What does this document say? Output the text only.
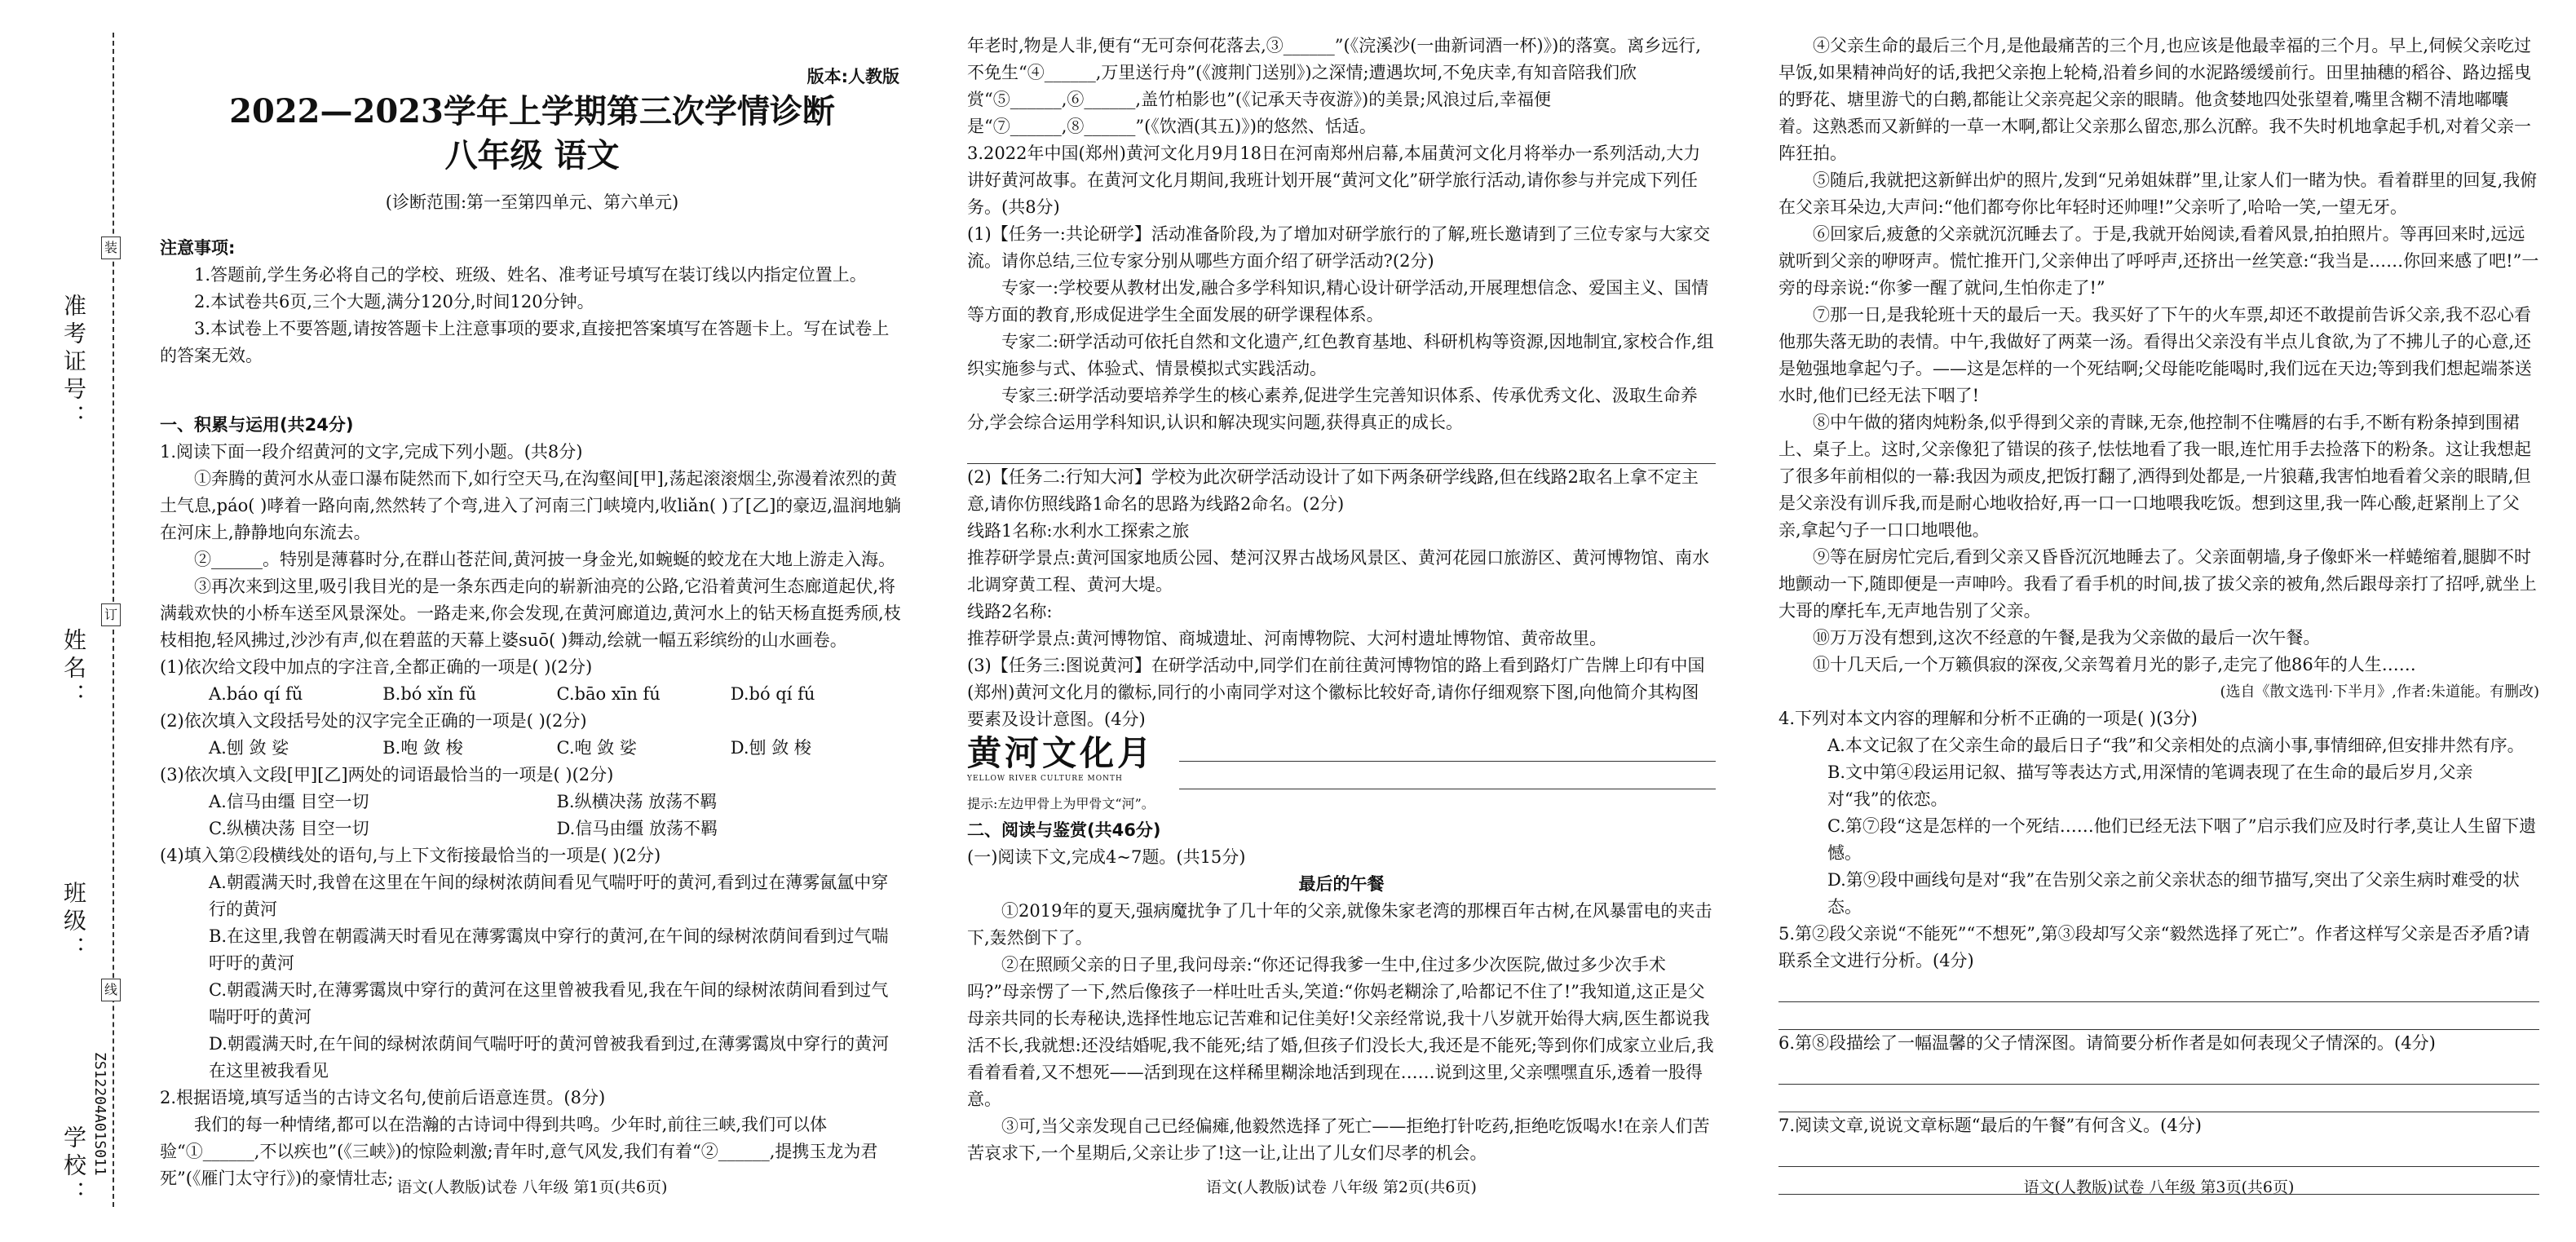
准考证号：
姓名：
班级：
学校：
装
订
线
ZS12204A01S011
版本:人教版
2022—2023学年上学期第三次学情诊断
八年级 语文
(诊断范围:第一至第四单元、第六单元)

注意事项:

1.答题前,学生务必将自己的学校、班级、姓名、准考证号填写在装订线以内指定位置上。

2.本试卷共6页,三个大题,满分120分,时间120分钟。

3.本试卷上不要答题,请按答题卡上注意事项的要求,直接把答案填写在答题卡上。写在试卷上的答案无效。

一、积累与运用(共24分)

1.阅读下面一段介绍黄河的文字,完成下列小题。(共8分)

①奔腾的黄河水从壶口瀑布陡然而下,如行空天马,在沟壑间[甲],荡起滚滚烟尘,弥漫着浓烈的黄土气息,páo( )哮着一路向南,然然转了个弯,进入了河南三门峡境内,收liǎn( )了[乙]的豪迈,温润地躺在河床上,静静地向东流去。

②______。特别是薄暮时分,在群山苍茫间,黄河披一身金光,如蜿蜒的蛟龙在大地上游走入海。

③再次来到这里,吸引我目光的是一条东西走向的崭新油亮的公路,它沿着黄河生态廊道起伏,将满载欢快的小桥车送至风景深处。一路走来,你会发现,在黄河廊道边,黄河水上的钻天杨直挺秀颀,枝枝相抱,轻风拂过,沙沙有声,似在碧蓝的天幕上婆suō( )舞动,绘就一幅五彩缤纷的山水画卷。

(1)依次给文段中加点的字注音,全都正确的一项是( )(2分)

A.báo qí fǔ	B.bó xǐn fǔ	C.bāo xīn fú	D.bó qí fú

(2)依次填入文段括号处的汉字完全正确的一项是( )(2分)

A.刨 敛 娑	B.咆 敛 梭	C.咆 敛 娑	D.刨 敛 梭

(3)依次填入文段[甲][乙]两处的词语最恰当的一项是( )(2分)

A.信马由缰 目空一切	B.纵横决荡 放荡不羁
C.纵横决荡 目空一切	D.信马由缰 放荡不羁

(4)填入第②段横线处的语句,与上下文衔接最恰当的一项是( )(2分)

A.朝霞满天时,我曾在这里在午间的绿树浓荫间看见气喘吁吁的黄河,看到过在薄雾氤氲中穿行的黄河

B.在这里,我曾在朝霞满天时看见在薄雾霭岚中穿行的黄河,在午间的绿树浓荫间看到过气喘吁吁的黄河

C.朝霞满天时,在薄雾霭岚中穿行的黄河在这里曾被我看见,我在午间的绿树浓荫间看到过气喘吁吁的黄河

D.朝霞满天时,在午间的绿树浓荫间气喘吁吁的黄河曾被我看到过,在薄雾霭岚中穿行的黄河在这里被我看见

2.根据语境,填写适当的古诗文名句,使前后语意连贯。(8分)

我们的每一种情绪,都可以在浩瀚的古诗词中得到共鸣。少年时,前往三峡,我们可以体验“①______,不以疾也”(《三峡》)的惊险刺激;青年时,意气风发,我们有着“②______,提携玉龙为君死”(《雁门太守行》)的豪情壮志; 语文(人教版)试卷 八年级 第1页(共6页)

年老时,物是人非,便有“无可奈何花落去,③______”(《浣溪沙(一曲新词酒一杯)》)的落寞。离乡远行,不免生“④______,万里送行舟”(《渡荆门送别》)之深情;遭遇坎坷,不免庆幸,有知音陪我们欣赏“⑤______,⑥______,盖竹柏影也”(《记承天寺夜游》)的美景;风浪过后,幸福便是“⑦______,⑧______”(《饮酒(其五)》)的悠然、恬适。

3.2022年中国(郑州)黄河文化月9月18日在河南郑州启幕,本届黄河文化月将举办一系列活动,大力讲好黄河故事。在黄河文化月期间,我班计划开展“黄河文化”研学旅行活动,请你参与并完成下列任务。(共8分)

(1)【任务一:共论研学】活动准备阶段,为了增加对研学旅行的了解,班长邀请到了三位专家与大家交流。请你总结,三位专家分别从哪些方面介绍了研学活动?(2分)

专家一:学校要从教材出发,融合多学科知识,精心设计研学活动,开展理想信念、爱国主义、国情等方面的教育,形成促进学生全面发展的研学课程体系。

专家二:研学活动可依托自然和文化遗产,红色教育基地、科研机构等资源,因地制宜,家校合作,组织实施参与式、体验式、情景模拟式实践活动。

专家三:研学活动要培养学生的核心素养,促进学生完善知识体系、传承优秀文化、汲取生命养分,学会综合运用学科知识,认识和解决现实问题,获得真正的成长。

(2)【任务二:行知大河】学校为此次研学活动设计了如下两条研学线路,但在线路2取名上拿不定主意,请你仿照线路1命名的思路为线路2命名。(2分)

线路1名称:水利水工探索之旅

推荐研学景点:黄河国家地质公园、楚河汉界古战场风景区、黄河花园口旅游区、黄河博物馆、南水北调穿黄工程、黄河大堤。

线路2名称:

推荐研学景点:黄河博物馆、商城遗址、河南博物院、大河村遗址博物馆、黄帝故里。

(3)【任务三:图说黄河】在研学活动中,同学们在前往黄河博物馆的路上看到路灯广告牌上印有中国(郑州)黄河文化月的徽标,同行的小南同学对这个徽标比较好奇,请你仔细观察下图,向他简介其构图要素及设计意图。(4分)

黄河文化月
YELLOW RIVER CULTURE MONTH

提示:左边甲骨上为甲骨文“河”。

二、阅读与鉴赏(共46分)

(一)阅读下文,完成4~7题。(共15分)

最后的午餐

①2019年的夏天,强病魔扰争了几十年的父亲,就像朱家老湾的那棵百年古树,在风暴雷电的夹击下,轰然倒下了。

②在照顾父亲的日子里,我问母亲:“你还记得我爹一生中,住过多少次医院,做过多少次手术吗?”母亲愣了一下,然后像孩子一样吐吐舌头,笑道:“你妈老糊涂了,哈都记不住了!”我知道,这正是父母亲共同的长寿秘诀,选择性地忘记苦难和记住美好!父亲经常说,我十八岁就开始得大病,医生都说我活不长,我就想:还没结婚呢,我不能死;结了婚,但孩子们没长大,我还是不能死;等到你们成家立业后,我看着看着,又不想死——活到现在这样稀里糊涂地活到现在……说到这里,父亲嘿嘿直乐,透着一股得意。

③可,当父亲发现自己已经偏瘫,他毅然选择了死亡——拒绝打针吃药,拒绝吃饭喝水!在亲人们苦苦哀求下,一个星期后,父亲让步了!这一让,让出了儿女们尽孝的机会。

语文(人教版)试卷 八年级 第2页(共6页)

④父亲生命的最后三个月,是他最痛苦的三个月,也应该是他最幸福的三个月。早上,伺候父亲吃过早饭,如果精神尚好的话,我把父亲抱上轮椅,沿着乡间的水泥路缓缓前行。田里抽穗的稻谷、路边摇曳的野花、塘里游弋的白鹅,都能让父亲亮起父亲的眼睛。他贪婪地四处张望着,嘴里含糊不清地嘟囔着。这熟悉而又新鲜的一草一木啊,都让父亲那么留恋,那么沉醉。我不失时机地拿起手机,对着父亲一阵狂拍。

⑤随后,我就把这新鲜出炉的照片,发到“兄弟姐妹群”里,让家人们一睹为快。看着群里的回复,我俯在父亲耳朵边,大声问:“他们都夸你比年轻时还帅哩!”父亲听了,哈哈一笑,一望无牙。

⑥回家后,疲惫的父亲就沉沉睡去了。于是,我就开始阅读,看着风景,拍拍照片。等再回来时,远远就听到父亲的咿呀声。慌忙推开门,父亲伸出了呼呼声,还挤出一丝笑意:“我当是……你回来感了吧!”一旁的母亲说:“你爹一醒了就问,生怕你走了!”

⑦那一日,是我轮班十天的最后一天。我买好了下午的火车票,却还不敢提前告诉父亲,我不忍心看他那失落无助的表情。中午,我做好了两菜一汤。看得出父亲没有半点儿食欲,为了不拂儿子的心意,还是勉强地拿起勺子。——这是怎样的一个死结啊;父母能吃能喝时,我们远在天边;等到我们想起端茶送水时,他们已经无法下咽了!

⑧中午做的猪肉炖粉条,似乎得到父亲的青睐,无奈,他控制不住嘴唇的右手,不断有粉条掉到围裙上、桌子上。这时,父亲像犯了错误的孩子,怯怯地看了我一眼,连忙用手去捡落下的粉条。这让我想起了很多年前相似的一幕:我因为顽皮,把饭打翻了,洒得到处都是,一片狼藉,我害怕地看着父亲的眼睛,但是父亲没有训斥我,而是耐心地收拾好,再一口一口地喂我吃饭。想到这里,我一阵心酸,赶紧削上了父亲,拿起勺子一口口地喂他。

⑨等在厨房忙完后,看到父亲又昏昏沉沉地睡去了。父亲面朝墙,身子像虾米一样蜷缩着,腿脚不时地颤动一下,随即便是一声呻吟。我看了看手机的时间,拔了拔父亲的被角,然后跟母亲打了招呼,就坐上大哥的摩托车,无声地告别了父亲。

⑩万万没有想到,这次不经意的午餐,是我为父亲做的最后一次午餐。

⑪十几天后,一个万籁俱寂的深夜,父亲驾着月光的影子,走完了他86年的人生……

(选自《散文选刊·下半月》,作者:朱道能。有删改)

4.下列对本文内容的理解和分析不正确的一项是( )(3分)

A.本文记叙了在父亲生命的最后日子“我”和父亲相处的点滴小事,事情细碎,但安排井然有序。

B.文中第④段运用记叙、描写等表达方式,用深情的笔调表现了在生命的最后岁月,父亲对“我”的依恋。

C.第⑦段“这是怎样的一个死结……他们已经无法下咽了”启示我们应及时行孝,莫让人生留下遗憾。

D.第⑨段中画线句是对“我”在告别父亲之前父亲状态的细节描写,突出了父亲生病时难受的状态。

5.第②段父亲说“不能死”“不想死”,第③段却写父亲“毅然选择了死亡”。作者这样写父亲是否矛盾?请联系全文进行分析。(4分)

6.第⑧段描绘了一幅温馨的父子情深图。请简要分析作者是如何表现父子情深的。(4分)

7.阅读文章,说说文章标题“最后的午餐”有何含义。(4分)

语文(人教版)试卷 八年级 第3页(共6页)
